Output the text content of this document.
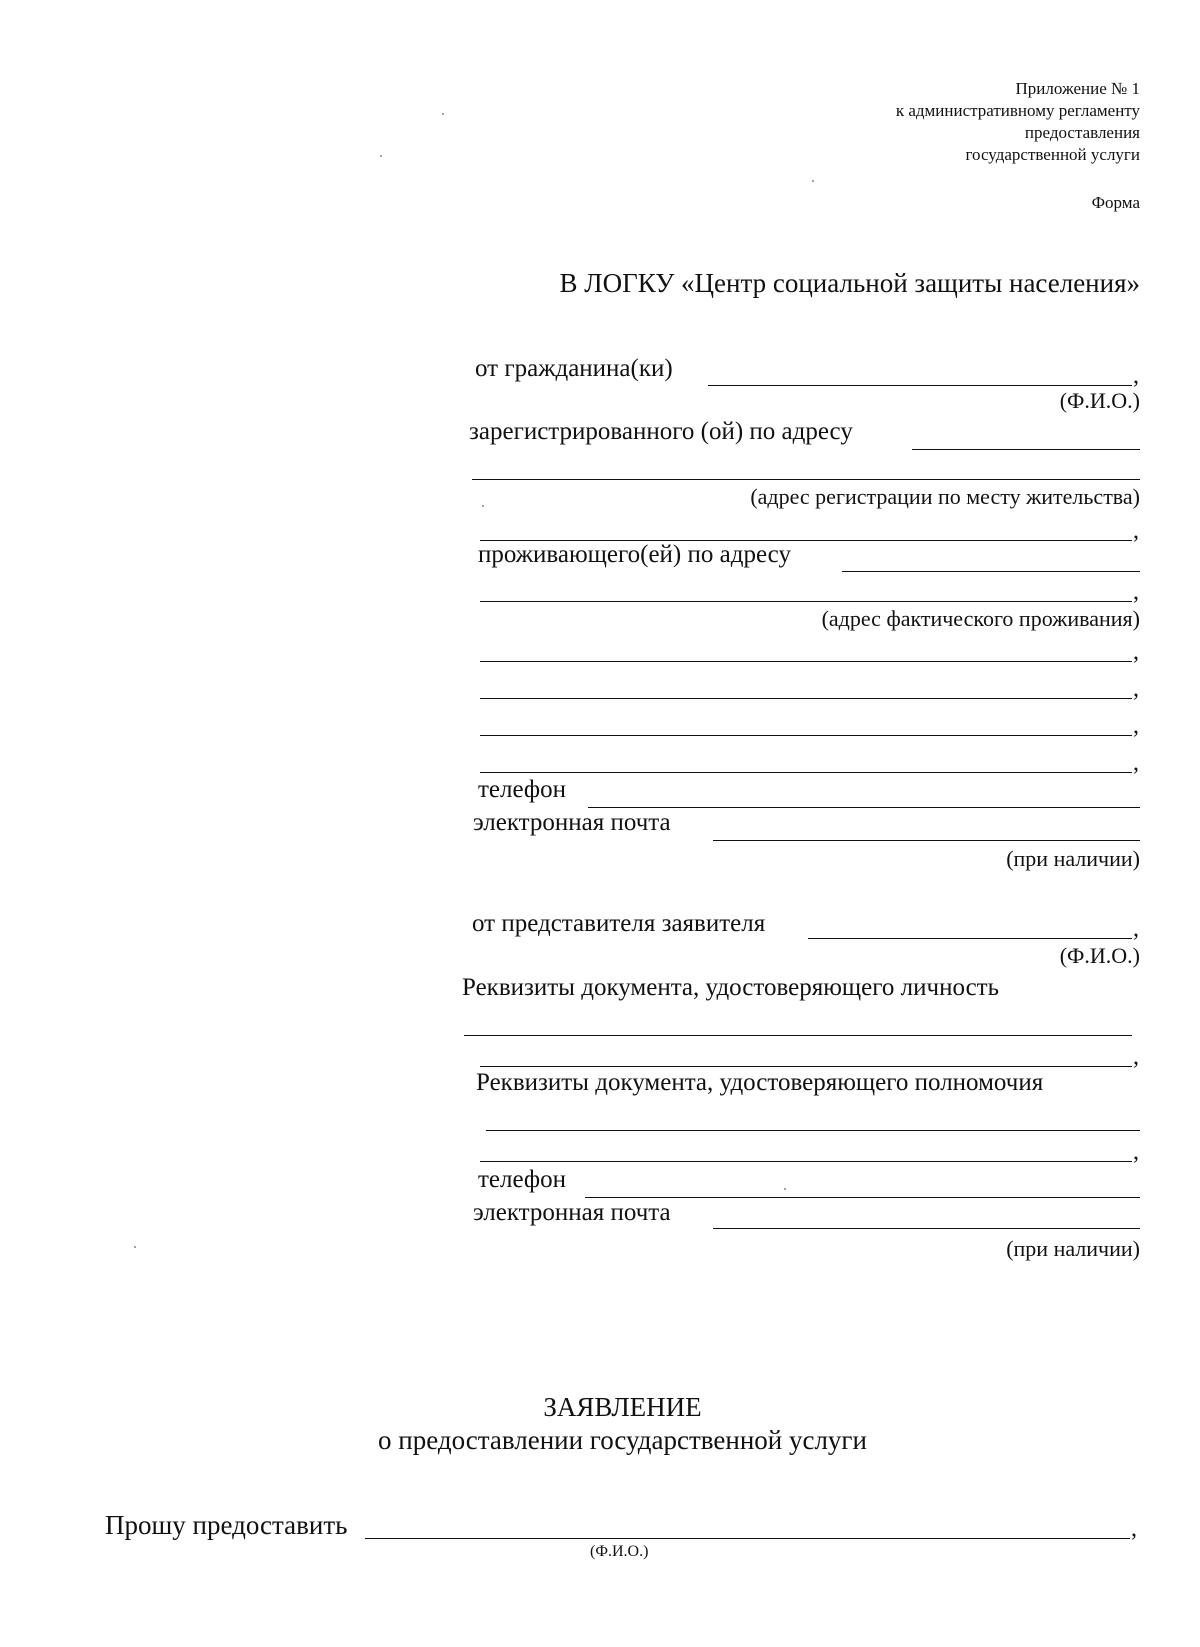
Приложение № 1
к административному регламенту
предоставления
государственной услуги
Форма
В ЛОГКУ «Центр социальной защиты населения»
от гражданина(ки)	,
(Ф.И.О.)
зарегистрированного (ой) по адресу
(адрес регистрации по месту жительства)
,
проживающего(ей) по адресу
,
(адрес фактического проживания)
,
,
,
,
телефон
электронная почта
(при наличии)
от представителя заявителя	,
(Ф.И.О.)
Реквизиты документа, удостоверяющего личность
,
Реквизиты документа, удостоверяющего полномочия
,
телефон
электронная почта
(при наличии)
ЗАЯВЛЕНИЕ
о предоставлении государственной услуги
Прошу предоставить	,
(Ф.И.О.)
